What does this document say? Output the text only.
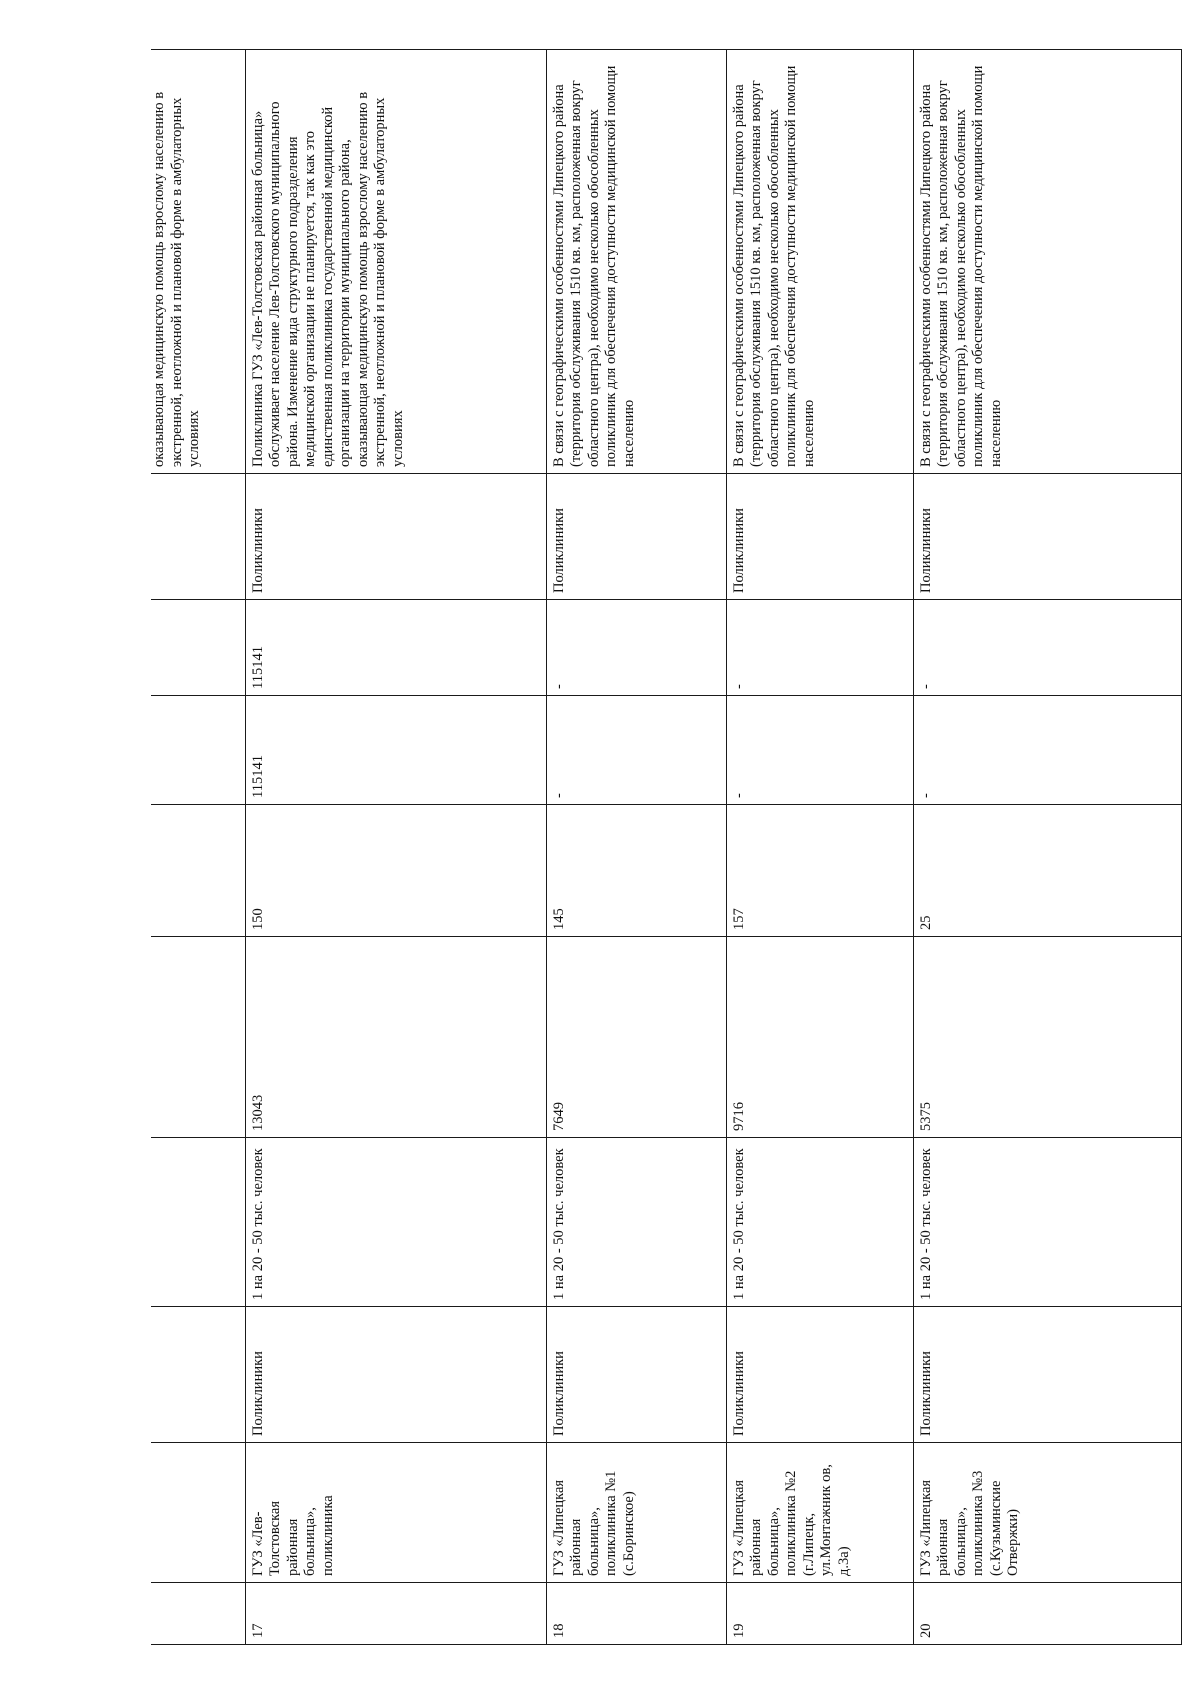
									оказывающая медицинскую помощь взрослому населению в экстренной, неотложной и плановой форме в амбулаторных условиях
17	ГУЗ «Лев-Толстовская районная больница», поликлиника	Поликлиники	1 на 20 - 50 тыс. человек	13043	150	115141	115141	Поликлиники	Поликлиника ГУЗ «Лев-Толстовская районная больница» обслуживает население Лев-Толстовского муниципального района. Изменение вида структурного подразделения медицинской организации не планируется, так как это единственная поликлиника государственной медицинской организации на территории муниципального района, оказывающая медицинскую помощь взрослому населению в экстренной, неотложной и плановой форме в амбулаторных условиях
18	ГУЗ «Липецкая районная больница», поликлиника №1 (с.Боринское)	Поликлиники	1 на 20 - 50 тыс. человек	7649	145	-	-	Поликлиники	В связи с географическими особенностями Липецкого района (территория обслуживания 1510 кв. км, расположенная вокруг областного центра), необходимо несколько обособленных поликлиник для обеспечения доступности медицинской помощи населению
19	ГУЗ «Липецкая районная больница», поликлиника №2 (г.Липецк, ул.Монтажник ов, д.3а)	Поликлиники	1 на 20 - 50 тыс. человек	9716	157	-	-	Поликлиники	В связи с географическими особенностями Липецкого района (территория обслуживания 1510 кв. км, расположенная вокруг областного центра), необходимо несколько обособленных поликлиник для обеспечения доступности медицинской помощи населению
20	ГУЗ «Липецкая районная больница», поликлиника №3 (с.Кузьминские Отвержки)	Поликлиники	1 на 20 - 50 тыс. человек	5375	25	-	-	Поликлиники	В связи с географическими особенностями Липецкого района (территория обслуживания 1510 кв. км, расположенная вокруг областного центра), необходимо несколько обособленных поликлиник для обеспечения доступности медицинской помощи населению
